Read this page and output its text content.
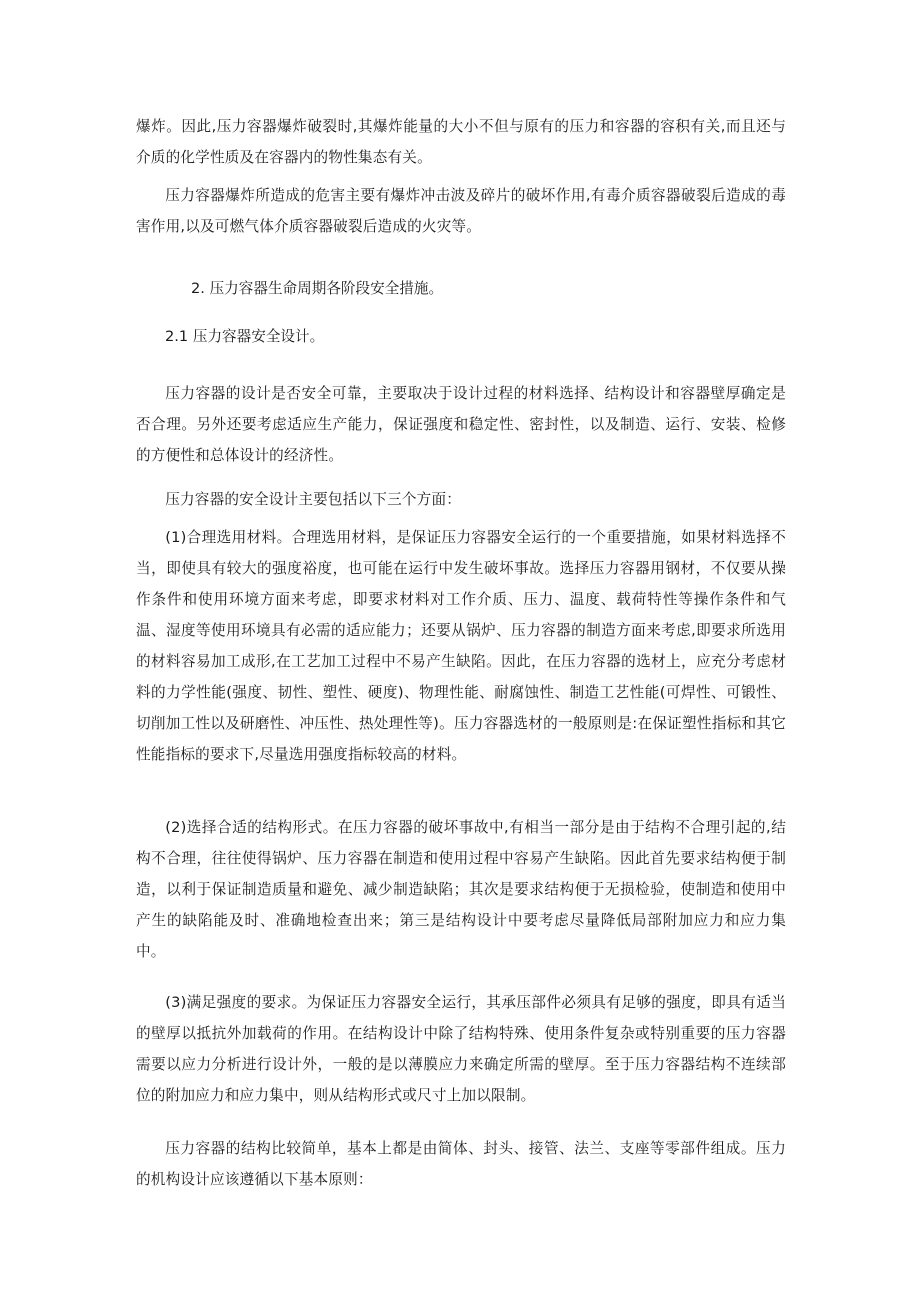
爆炸。因此,压力容器爆炸破裂时,其爆炸能量的大小不但与原有的压力和容器的容积有关,而且还与介质的化学性质及在容器内的物性集态有关。

压力容器爆炸所造成的危害主要有爆炸冲击波及碎片的破坏作用,有毒介质容器破裂后造成的毒害作用,以及可燃气体介质容器破裂后造成的火灾等。

2. 压力容器生命周期各阶段安全措施。

2.1 压力容器安全设计。

压力容器的设计是否安全可靠，主要取决于设计过程的材料选择、结构设计和容器壁厚确定是否合理。另外还要考虑适应生产能力，保证强度和稳定性、密封性，以及制造、运行、安装、检修的方便性和总体设计的经济性。

压力容器的安全设计主要包括以下三个方面：

(1)合理选用材料。合理选用材料，是保证压力容器安全运行的一个重要措施，如果材料选择不当，即使具有较大的强度裕度，也可能在运行中发生破坏事故。选择压力容器用钢材，不仅要从操作条件和使用环境方面来考虑，即要求材料对工作介质、压力、温度、载荷特性等操作条件和气温、湿度等使用环境具有必需的适应能力；还要从锅炉、压力容器的制造方面来考虑,即要求所选用的材料容易加工成形,在工艺加工过程中不易产生缺陷。因此，在压力容器的选材上，应充分考虑材料的力学性能(强度、韧性、塑性、硬度)、物理性能、耐腐蚀性、制造工艺性能(可焊性、可锻性、切削加工性以及研磨性、冲压性、热处理性等)。压力容器选材的一般原则是:在保证塑性指标和其它性能指标的要求下,尽量选用强度指标较高的材料。

(2)选择合适的结构形式。在压力容器的破坏事故中,有相当一部分是由于结构不合理引起的,结构不合理，往往使得锅炉、压力容器在制造和使用过程中容易产生缺陷。因此首先要求结构便于制造，以利于保证制造质量和避免、减少制造缺陷；其次是要求结构便于无损检验，使制造和使用中产生的缺陷能及时、准确地检查出来；第三是结构设计中要考虑尽量降低局部附加应力和应力集中。

(3)满足强度的要求。为保证压力容器安全运行，其承压部件必须具有足够的强度，即具有适当的壁厚以抵抗外加载荷的作用。在结构设计中除了结构特殊、使用条件复杂或特别重要的压力容器需要以应力分析进行设计外，一般的是以薄膜应力来确定所需的壁厚。至于压力容器结构不连续部位的附加应力和应力集中，则从结构形式或尺寸上加以限制。

压力容器的结构比较简单，基本上都是由简体、封头、接管、法兰、支座等零部件组成。压力的机构设计应该遵循以下基本原则：
